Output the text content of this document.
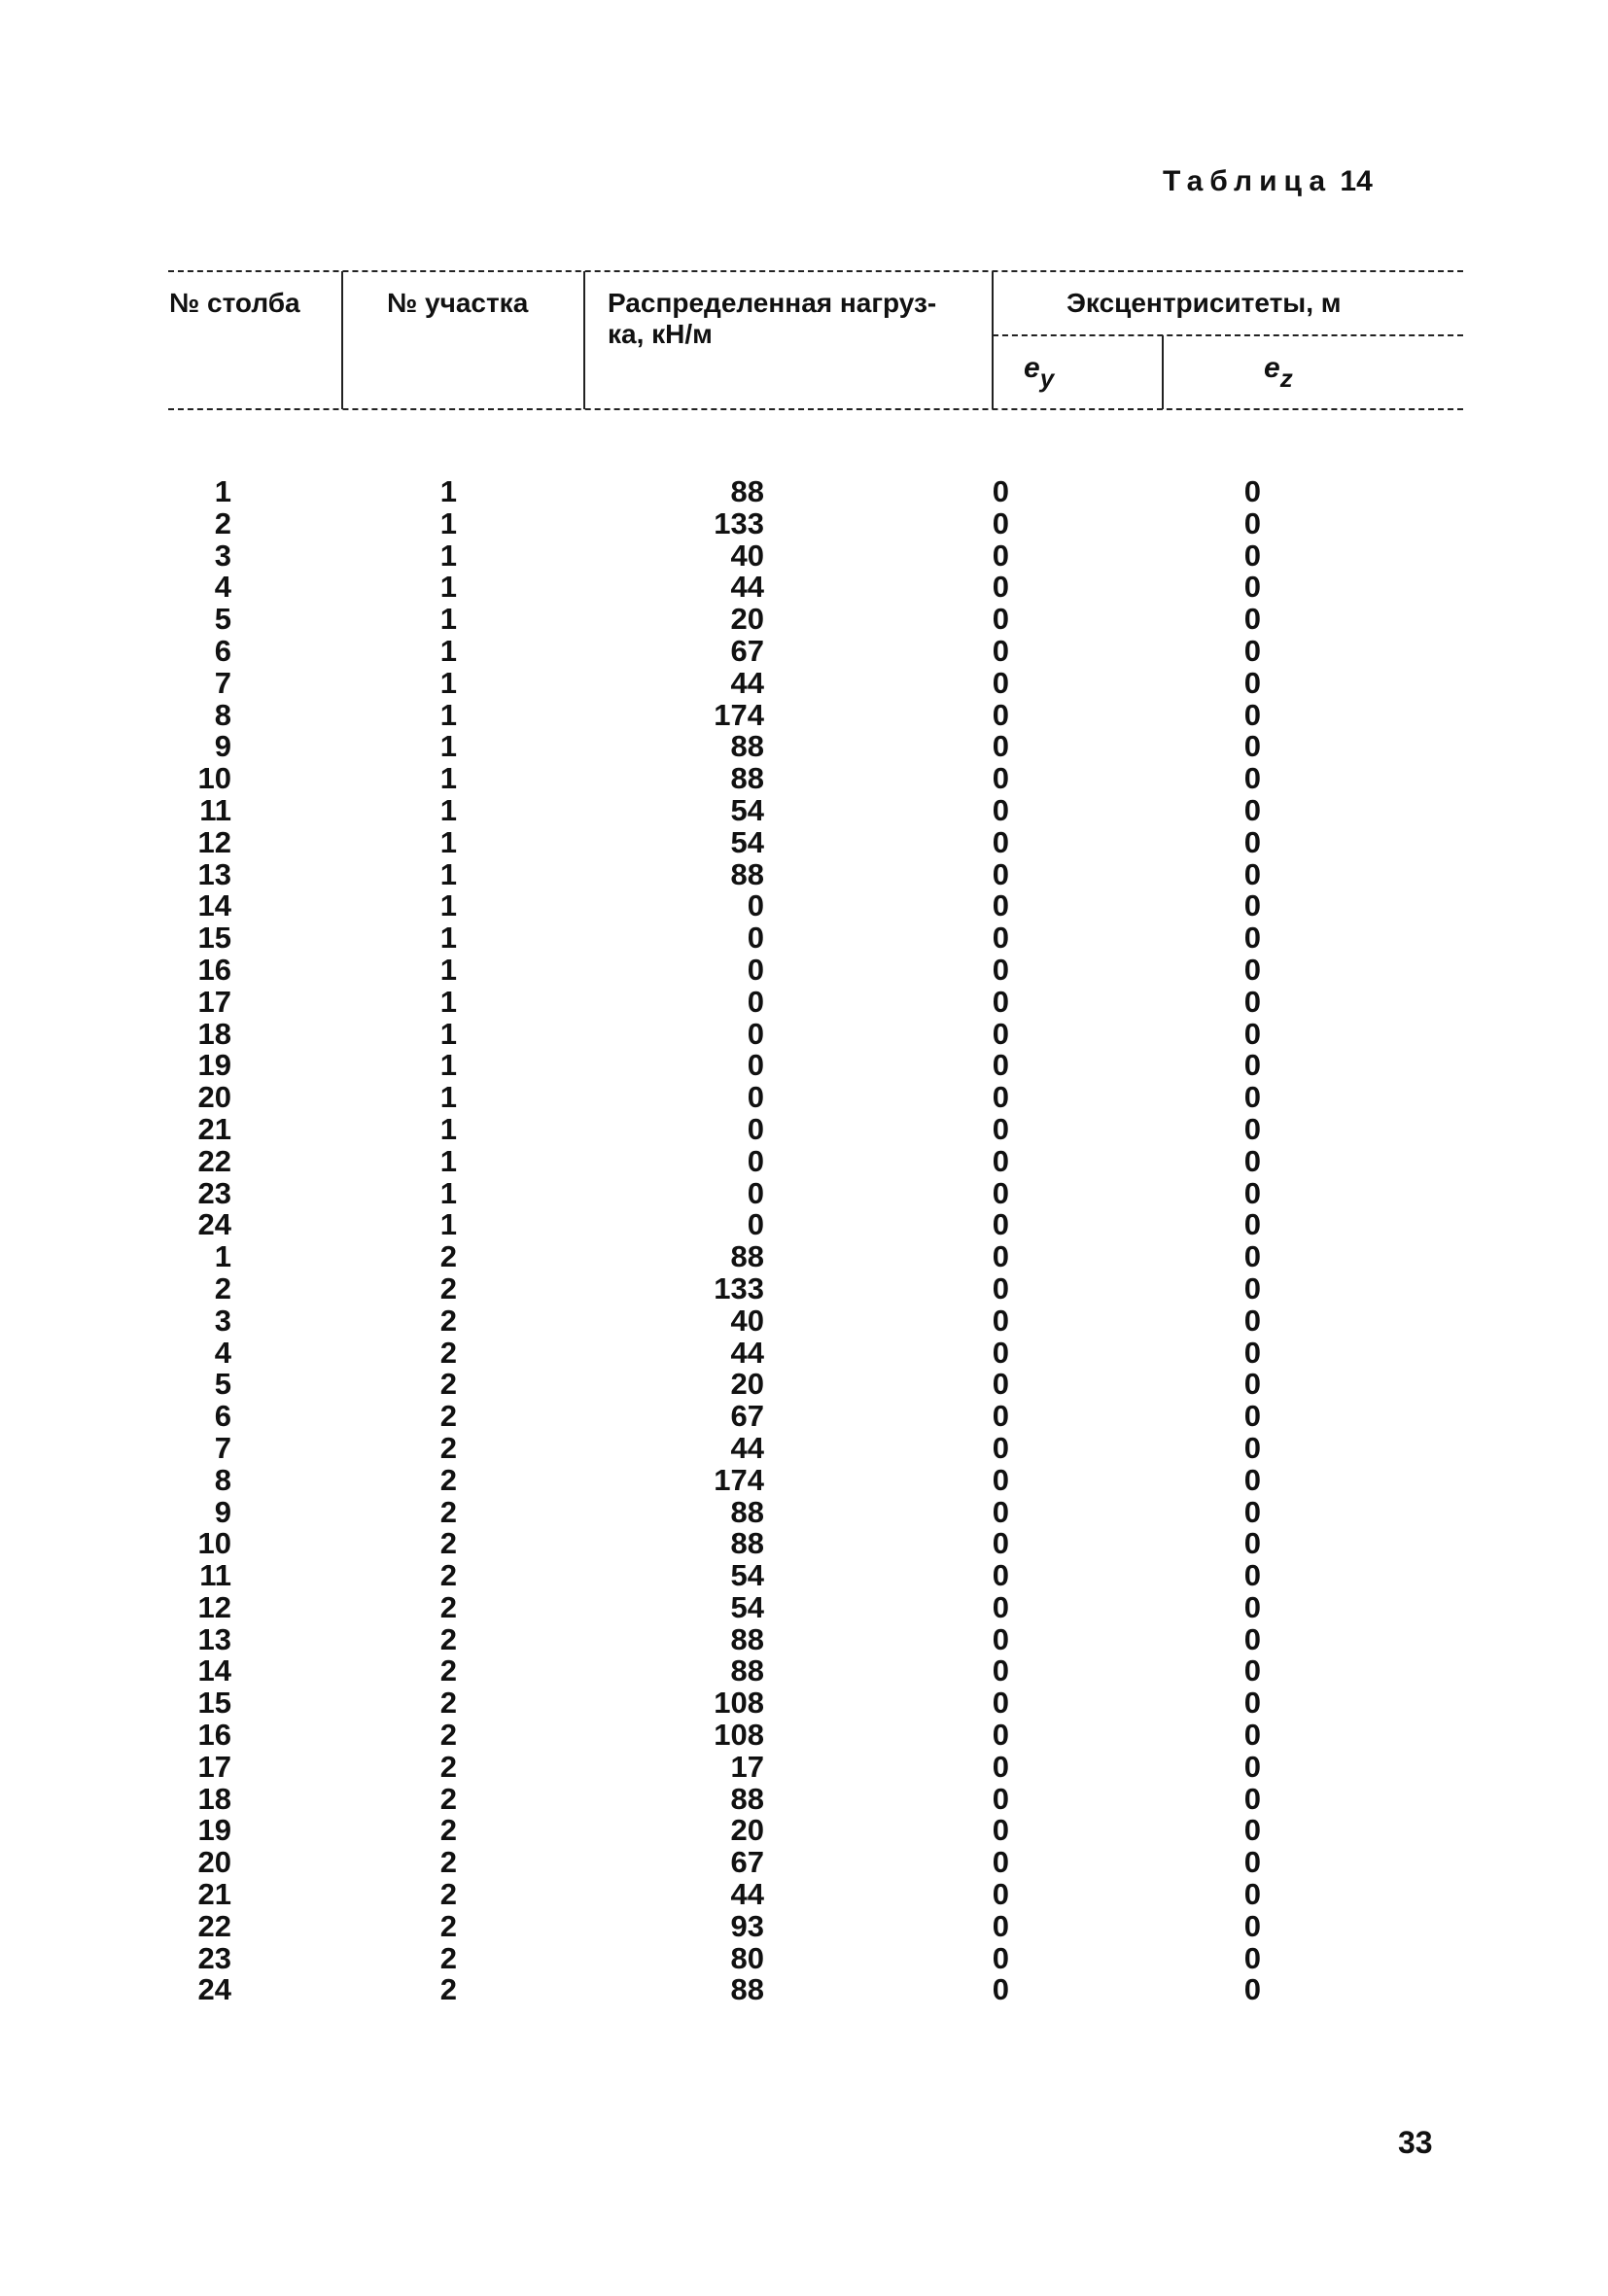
Таблица 14
№ столба	№ участка	Распределенная нагруз-ка, кН/м
Эксцентриситеты, м
$e_y$	$e_z$
1	1	88	0	0
2	1	133	0	0
3	1	40	0	0
4	1	44	0	0
5	1	20	0	0
6	1	67	0	0
7	1	44	0	0
8	1	174	0	0
9	1	88	0	0
10	1	88	0	0
11	1	54	0	0
12	1	54	0	0
13	1	88	0	0
14	1	0	0	0
15	1	0	0	0
16	1	0	0	0
17	1	0	0	0
18	1	0	0	0
19	1	0	0	0
20	1	0	0	0
21	1	0	0	0
22	1	0	0	0
23	1	0	0	0
24	1	0	0	0
1	2	88	0	0
2	2	133	0	0
3	2	40	0	0
4	2	44	0	0
5	2	20	0	0
6	2	67	0	0
7	2	44	0	0
8	2	174	0	0
9	2	88	0	0
10	2	88	0	0
11	2	54	0	0
12	2	54	0	0
13	2	88	0	0
14	2	88	0	0
15	2	108	0	0
16	2	108	0	0
17	2	17	0	0
18	2	88	0	0
19	2	20	0	0
20	2	67	0	0
21	2	44	0	0
22	2	93	0	0
23	2	80	0	0
24	2	88	0	0
33
